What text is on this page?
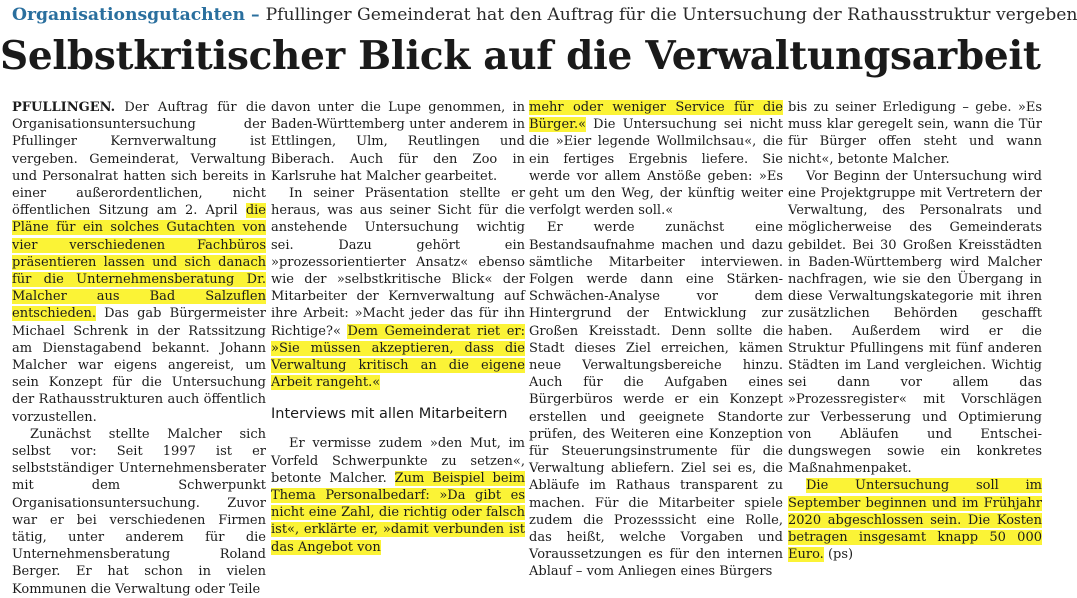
Organisationsgutachten – Pfullinger Gemeinderat hat den Auftrag für die Untersuchung der Rathausstruktur vergeben
Selbstkritischer Blick auf die Verwaltungsarbeit

PFULLINGEN. Der Auftrag für die Organisationsuntersuchung der Pfullinger Kernverwaltung ist vergeben. Gemeinderat, Verwaltung und Personalrat hatten sich bereits in einer außerordentlichen, nicht öffentlichen Sitzung am 2. April die Pläne für ein solches Gutachten von vier verschiedenen Fachbüros präsentieren lassen und sich danach für die Unternehmensberatung Dr. Malcher aus Bad Salzuflen entschieden. Das gab Bürgermeister Michael Schrenk in der Ratssitzung am Dienstagabend bekannt. Johann Malcher war eigens angereist, um sein Konzept für die Untersuchung der Rathausstrukturen auch öffentlich vorzustellen.

Zunächst stellte Malcher sich selbst vor: Seit 1997 ist er selbstständiger Unternehmensberater mit dem Schwerpunkt Organisationsuntersuchung. Zuvor war er bei verschiedenen Firmen tätig, unter anderem für die Unternehmensberatung Roland Berger. Er hat schon in vielen Kommunen die Verwaltung oder Teile

davon unter die Lupe genommen, in Baden-Württemberg unter anderem in Ettlingen, Ulm, Reutlingen und Biberach. Auch für den Zoo in Karlsruhe hat Malcher gearbeitet.

In seiner Präsentation stellte er heraus, was aus seiner Sicht für die anstehende Untersuchung wichtig sei. Dazu gehört ein »prozessorientierter Ansatz« ebenso wie der »selbstkritische Blick« der Mitarbeiter der Kernverwaltung auf ihre Arbeit: »Macht jeder das für ihn Richtige?« Dem Gemeinderat riet er: »Sie müssen akzeptieren, dass die Verwaltung kritisch an die eigene Arbeit rangeht.«

Interviews mit allen Mitarbeitern

Er vermisse zudem »den Mut, im Vorfeld Schwerpunkte zu setzen«, betonte Malcher. Zum Beispiel beim Thema Personalbedarf: »Da gibt es nicht eine Zahl, die richtig oder falsch ist«, erklärte er, »damit verbunden ist das Angebot von

mehr oder weniger Service für die Bürger.« Die Untersuchung sei nicht die »Eier legende Wollmilchsau«, die ein fertiges Ergebnis liefere. Sie werde vor allem Anstöße geben: »Es geht um den Weg, der künftig weiter verfolgt werden soll.«

Er werde zunächst eine Bestandsaufnahme machen und dazu sämtliche Mitarbeiter interviewen. Folgen werde dann eine Stärken-Schwächen-Analyse vor dem Hintergrund der Entwicklung zur Großen Kreisstadt. Denn sollte die Stadt dieses Ziel erreichen, kämen neue Verwaltungsbereiche hinzu. Auch für die Aufgaben eines Bürgerbüros werde er ein Konzept erstellen und geeignete Standorte prüfen, des Weiteren eine Konzeption für Steuerungsinstrumente für die Verwaltung abliefern. Ziel sei es, die Abläufe im Rathaus transparent zu machen. Für die Mitarbeiter spiele zudem die Prozesssicht eine Rolle, das heißt, welche Vorgaben und Voraussetzungen es für den internen Ablauf – vom Anliegen eines Bürgers

bis zu seiner Erledigung – gebe. »Es muss klar geregelt sein, wann die Tür für Bürger offen steht und wann nicht«, betonte Malcher.

Vor Beginn der Untersuchung wird eine Projektgruppe mit Vertretern der Verwaltung, des Personalrats und möglicherweise des Gemeinderats gebildet. Bei 30 Großen Kreisstädten in Baden-Württemberg wird Malcher nachfragen, wie sie den Übergang in diese Verwaltungskategorie mit ihren zusätzlichen Behörden geschafft haben. Außerdem wird er die Struktur Pfullingens mit fünf anderen Städten im Land vergleichen. Wichtig sei dann vor allem das »Prozessregister« mit Vorschlägen zur Verbesserung und Optimierung von Abläufen und Entscheidungswegen sowie ein konkretes Maßnahmenpaket.

Die Untersuchung soll im September beginnen und im Frühjahr 2020 abgeschlossen sein. Die Kosten betragen insgesamt knapp 50 000 Euro. (ps)
